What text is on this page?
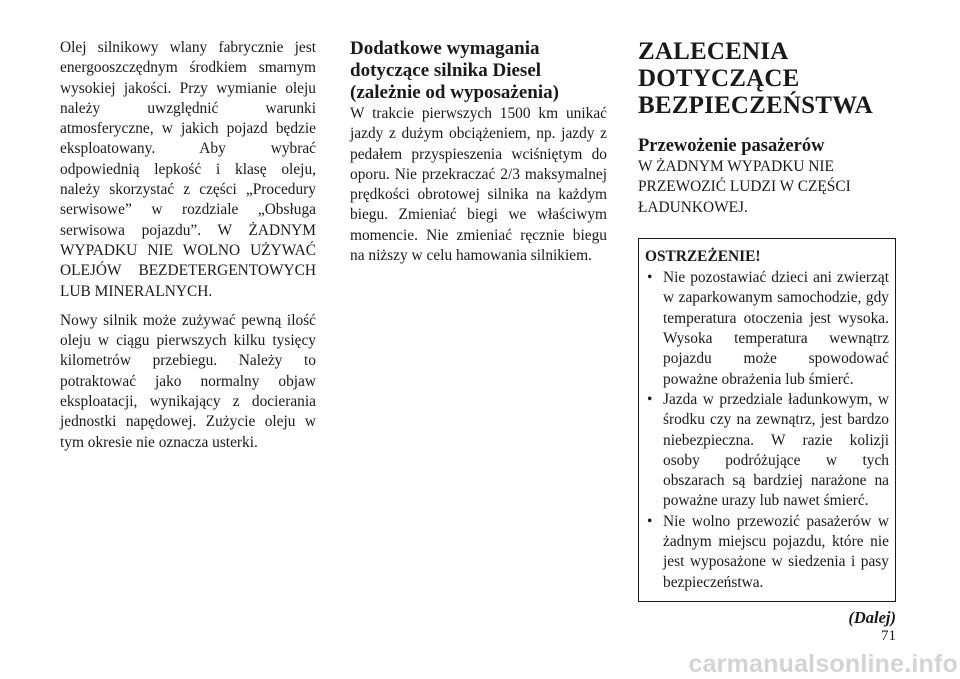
Olej silnikowy wlany fabrycznie jest energooszczędnym środkiem smarnym wysokiej jakości. Przy wymianie oleju należy uwzględnić warunki atmosferyczne, w jakich pojazd będzie eksploatowany. Aby wybrać odpowiednią lepkość i klasę oleju, należy skorzystać z części „Procedury serwisowe” w rozdziale „Obsługa serwisowa pojazdu”. W ŻADNYM WYPADKU NIE WOLNO UŻYWAĆ OLEJÓW BEZDETERGENTOWYCH LUB MINERALNYCH.

Nowy silnik może zużywać pewną ilość oleju w ciągu pierwszych kilku tysięcy kilometrów przebiegu. Należy to potraktować jako normalny objaw eksploatacji, wynikający z docierania jednostki napędowej. Zużycie oleju w tym okresie nie oznacza usterki.

Dodatkowe wymagania
dotyczące silnika Diesel
(zależnie od wyposażenia)

W trakcie pierwszych 1500 km unikać jazdy z dużym obciążeniem, np. jazdy z pedałem przyspieszenia wciśniętym do oporu. Nie przekraczać 2/3 maksymalnej prędkości obrotowej silnika na każdym biegu. Zmieniać biegi we właściwym momencie. Nie zmieniać ręcznie biegu na niższy w celu hamowania silnikiem.

ZALECENIA
DOTYCZĄCE
BEZPIECZEŃSTWA
Przewożenie pasażerów

W ŻADNYM WYPADKU NIE PRZEWOZIĆ LUDZI W CZĘŚCI ŁADUNKOWEJ.

OSTRZEŻENIE!
• Nie pozostawiać dzieci ani zwierząt w zaparkowanym samochodzie, gdy temperatura otoczenia jest wysoka. Wysoka temperatura wewnątrz pojazdu może spowodować poważne obrażenia lub śmierć.
• Jazda w przedziale ładunkowym, w środku czy na zewnątrz, jest bardzo niebezpieczna. W razie kolizji osoby podróżujące w tych obszarach są bardziej narażone na poważne urazy lub nawet śmierć.
• Nie wolno przewozić pasażerów w żadnym miejscu pojazdu, które nie jest wyposażone w siedzenia i pasy bezpieczeństwa.
(Dalej)
71
carmanualsonline.info
